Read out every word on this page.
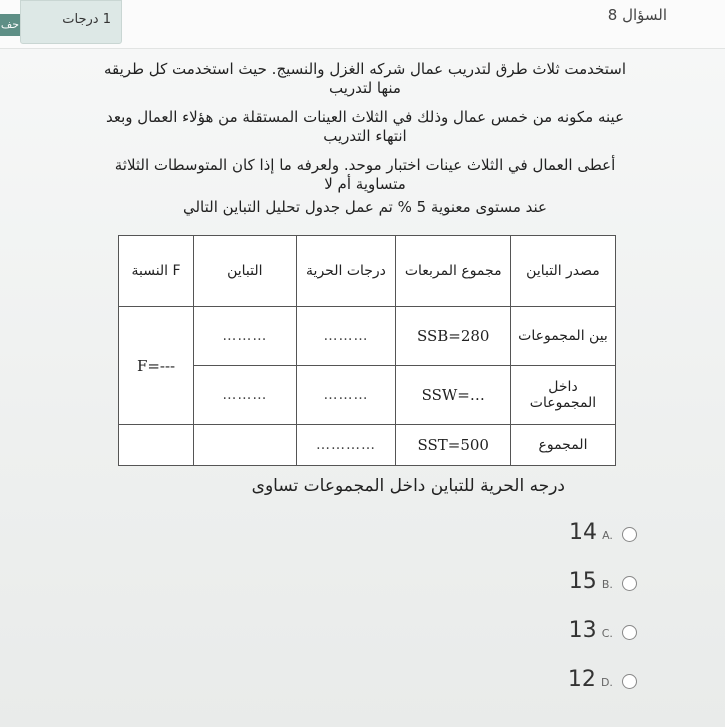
1 درجات
حف
السؤال 8

استخدمت ثلاث طرق لتدريب عمال شركه الغزل والنسيج. حيث استخدمت كل طريقه منها لتدريب

عينه مكونه من خمس عمال وذلك في الثلاث العينات المستقلة من هؤلاء العمال وبعد انتهاء التدريب

أعطى العمال في الثلاث عينات اختبار موحد. ولعرفه ما إذا كان المتوسطات الثلاثة متساوية أم لا

عند مستوى معنوية 5 % تم عمل جدول تحليل التباين التالي

مصدر التباين	مجموع المربعات	درجات الحرية	التباين	F النسبة
بين المجموعات	SSB=280	………	………	F=---
داخل المجموعات	SSW=…	………	………	
المجموع	SST=500	…………		
درجه الحرية للتباين داخل المجموعات تساوى
14 A.
15 B.
13 C.
12 D.
